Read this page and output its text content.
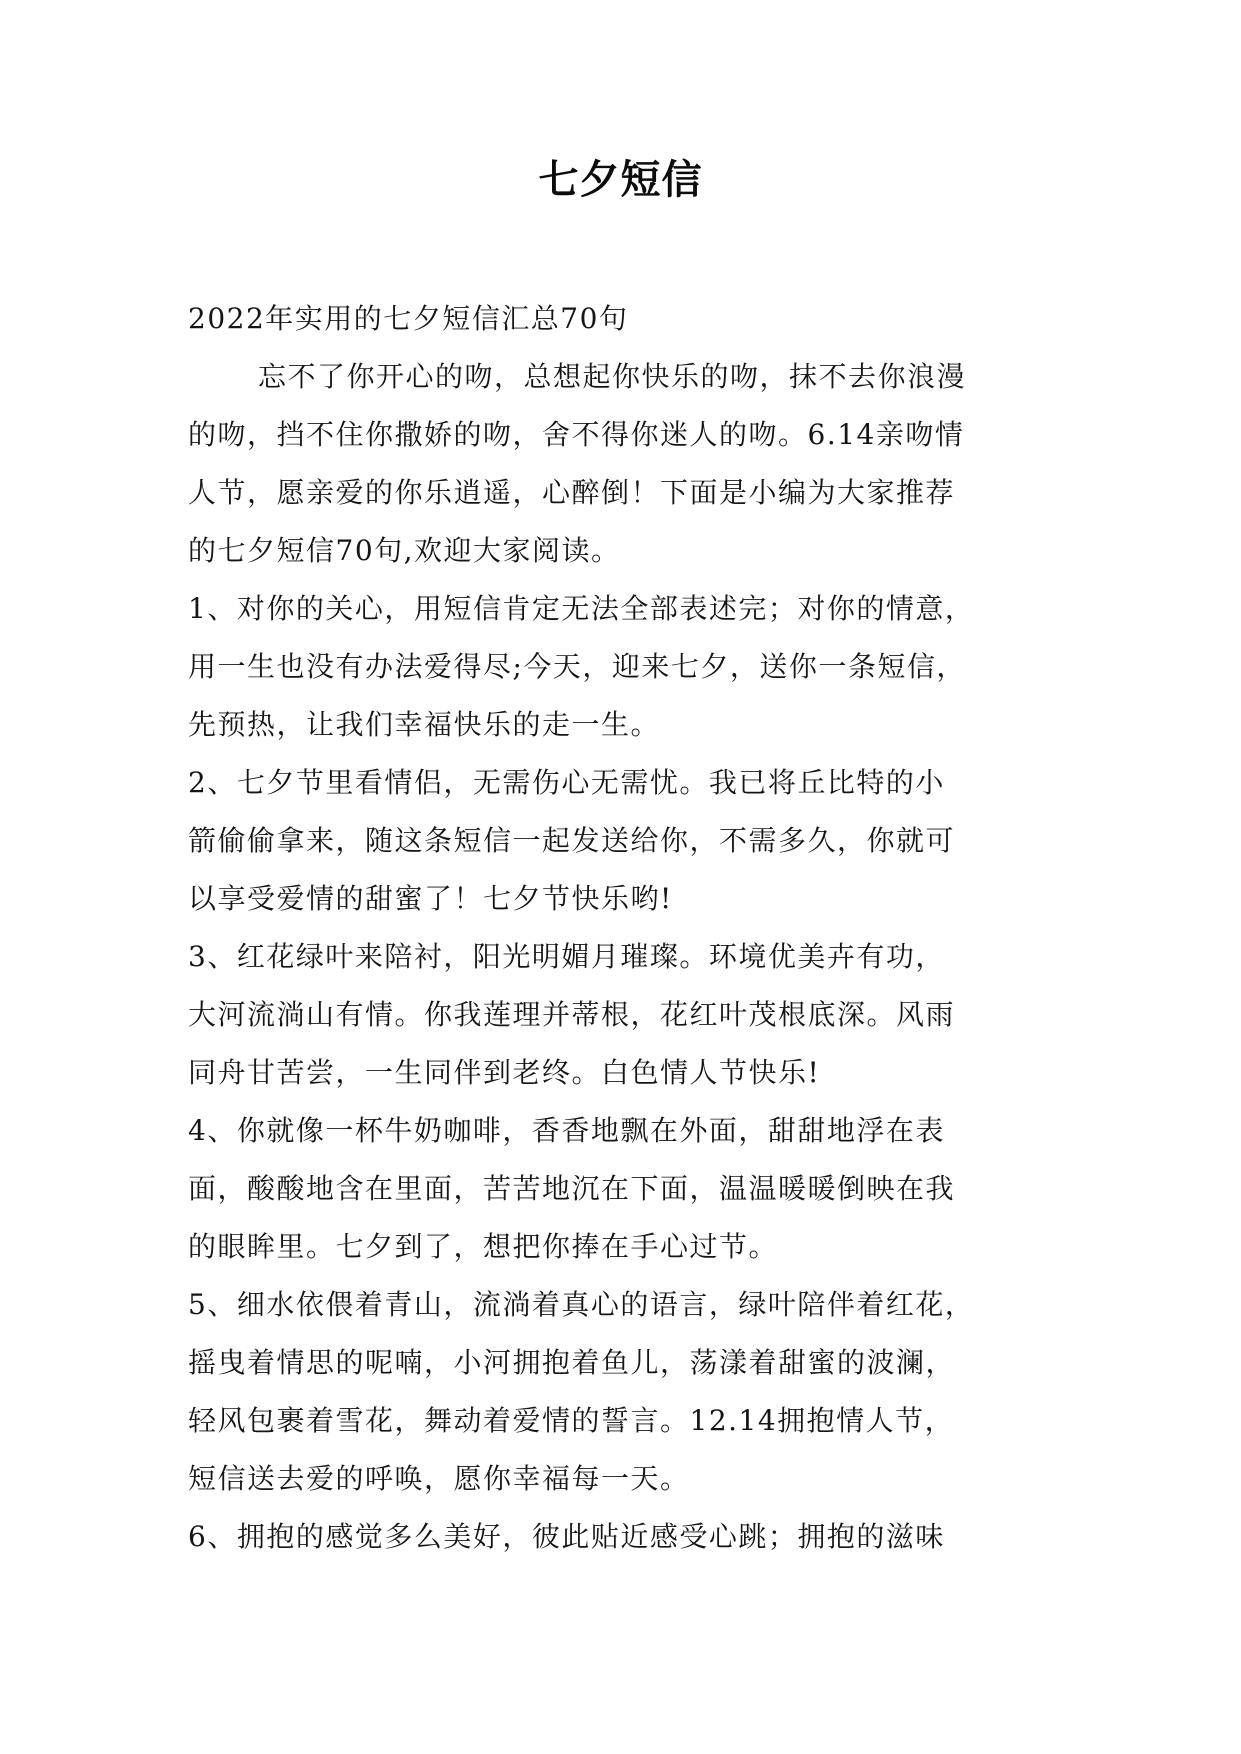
七夕短信
2022年实用的七夕短信汇总70句
忘不了你开心的吻，总想起你快乐的吻，抹不去你浪漫
的吻，挡不住你撒娇的吻，舍不得你迷人的吻。6.14亲吻情
人节，愿亲爱的你乐逍遥，心醉倒！下面是小编为大家推荐
的七夕短信70句,欢迎大家阅读。
1、对你的关心，用短信肯定无法全部表述完；对你的情意，
用一生也没有办法爱得尽;今天，迎来七夕，送你一条短信，
先预热，让我们幸福快乐的走一生。
2、七夕节里看情侣，无需伤心无需忧。我已将丘比特的小
箭偷偷拿来，随这条短信一起发送给你，不需多久，你就可
以享受爱情的甜蜜了！七夕节快乐哟!
3、红花绿叶来陪衬，阳光明媚月璀璨。环境优美卉有功，
大河流淌山有情。你我莲理并蒂根，花红叶茂根底深。风雨
同舟甘苦尝，一生同伴到老终。白色情人节快乐!
4、你就像一杯牛奶咖啡，香香地飘在外面，甜甜地浮在表
面，酸酸地含在里面，苦苦地沉在下面，温温暖暖倒映在我
的眼眸里。七夕到了，想把你捧在手心过节。
5、细水依偎着青山，流淌着真心的语言，绿叶陪伴着红花，
摇曳着情思的呢喃，小河拥抱着鱼儿，荡漾着甜蜜的波澜，
轻风包裹着雪花，舞动着爱情的誓言。12.14拥抱情人节，
短信送去爱的呼唤，愿你幸福每一天。
6、拥抱的感觉多么美好，彼此贴近感受心跳；拥抱的滋味
